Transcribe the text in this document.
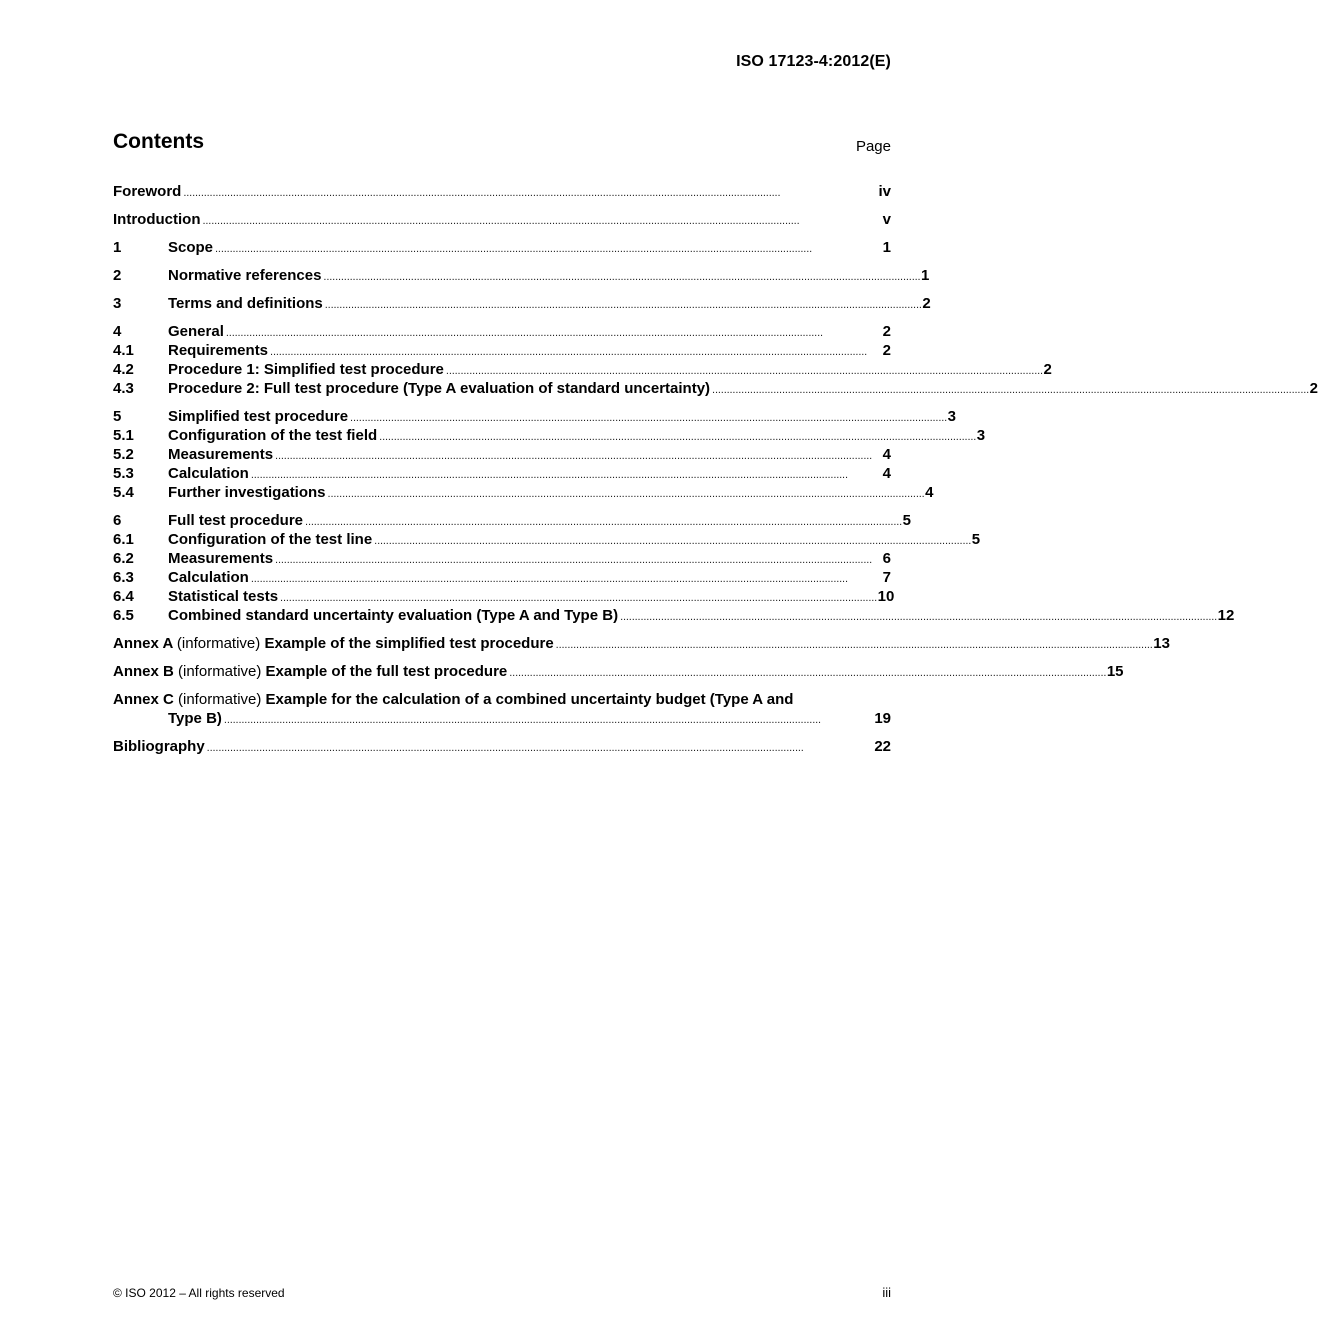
ISO 17123-4:2012(E)
Contents	Page
Foreword . . .	iv
Introduction . . .	v
1	Scope . . .	1
2	Normative references . . .	1
3	Terms and definitions . . .	2
4	General . . .	2
4.1	Requirements . . .	2
4.2	Procedure 1: Simplified test procedure . . .	2
4.3	Procedure 2: Full test procedure (Type A evaluation of standard uncertainty) . . .	2
5	Simplified test procedure . . .	3
5.1	Configuration of the test field . . .	3
5.2	Measurements . . .	4
5.3	Calculation . . .	4
5.4	Further investigations . . .	4
6	Full test procedure . . .	5
6.1	Configuration of the test line . . .	5
6.2	Measurements . . .	6
6.3	Calculation . . .	7
6.4	Statistical tests . . .	10
6.5	Combined standard uncertainty evaluation (Type A and Type B) . . .	12
Annex A (informative) Example of the simplified test procedure . . .	13
Annex B (informative) Example of the full test procedure . . .	15
Annex C (informative) Example for the calculation of a combined uncertainty budget (Type A and
Type B) . . .	19
Bibliography . . .	22
© ISO 2012 – All rights reserved	iii
